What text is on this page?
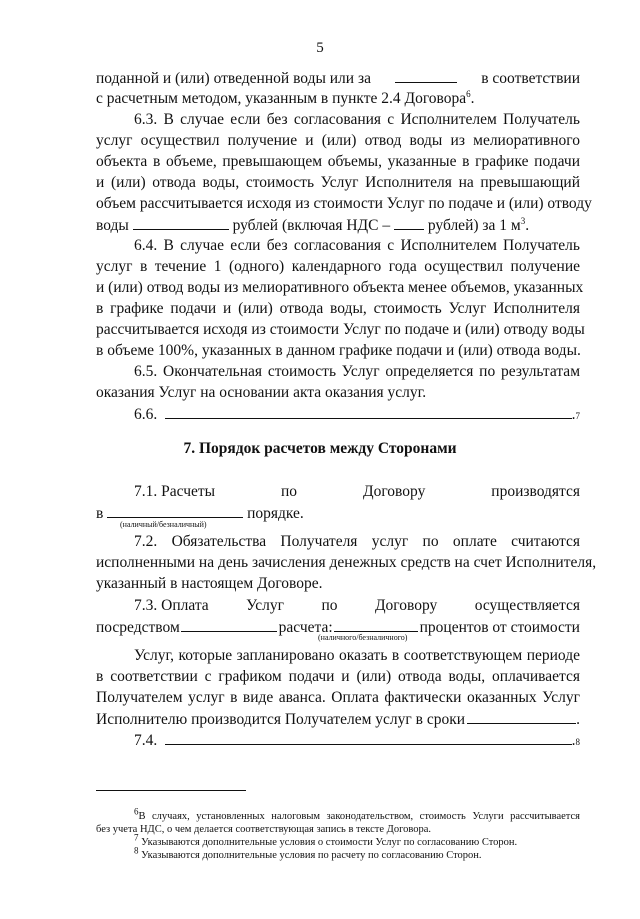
5
поданной и (или) отведенной воды или за	в соответствии
с расчетным методом, указанным в пункте 2.4 Договора$^6$.
6.3. В случае если без согласования с Исполнителем Получатель
услуг осуществил получение и (или) отвод воды из мелиоративного
объекта в объеме, превышающем объемы, указанные в графике подачи
и (или) отвода воды, стоимость Услуг Исполнителя на превышающий
объем рассчитывается исходя из стоимости Услуг по подаче и (или) отводу
воды	рублей (включая НДС – рублей) за 1 $м^3$.
6.4. В случае если без согласования с Исполнителем Получатель
услуг в течение 1 (одного) календарного года осуществил получение
и (или) отвод воды из мелиоративного объекта менее объемов, указанных
в графике подачи и (или) отвода воды, стоимость Услуг Исполнителя
рассчитывается исходя из стоимости Услуг по подаче и (или) отводу воды
в объеме 100%, указанных в данном графике подачи и (или) отвода воды.
6.5. Окончательная стоимость Услуг определяется по результатам
оказания Услуг на основании акта оказания услуг.
6.6.	. 7
7. Порядок расчетов между Сторонами
7.1. Расчеты	по	Договору	производятся
в	порядке.
(наличный/безналичный)
7.2. Обязательства Получателя услуг по оплате считаются
исполненными на день зачисления денежных средств на счет Исполнителя,
указанный в настоящем Договоре.
7.3. Оплата Услуг по Договору осуществляется
посредством	расчета:	процентов от стоимости
(наличного/безналичного)
Услуг, которые запланировано оказать в соответствующем периоде
в соответствии с графиком подачи и (или) отвода воды, оплачивается
Получателем услуг в виде аванса. Оплата фактически оказанных Услуг
Исполнителю производится Получателем услуг в сроки	.
7.4.	. 8
$^6$В случаях, установленных налоговым законодательством, стоимость Услуги рассчитывается
без учета НДС, о чем делается соответствующая запись в тексте Договора.
$^7$ Указываются дополнительные условия о стоимости Услуг по согласованию Сторон.
$^8$ Указываются дополнительные условия по расчету по согласованию Сторон.
